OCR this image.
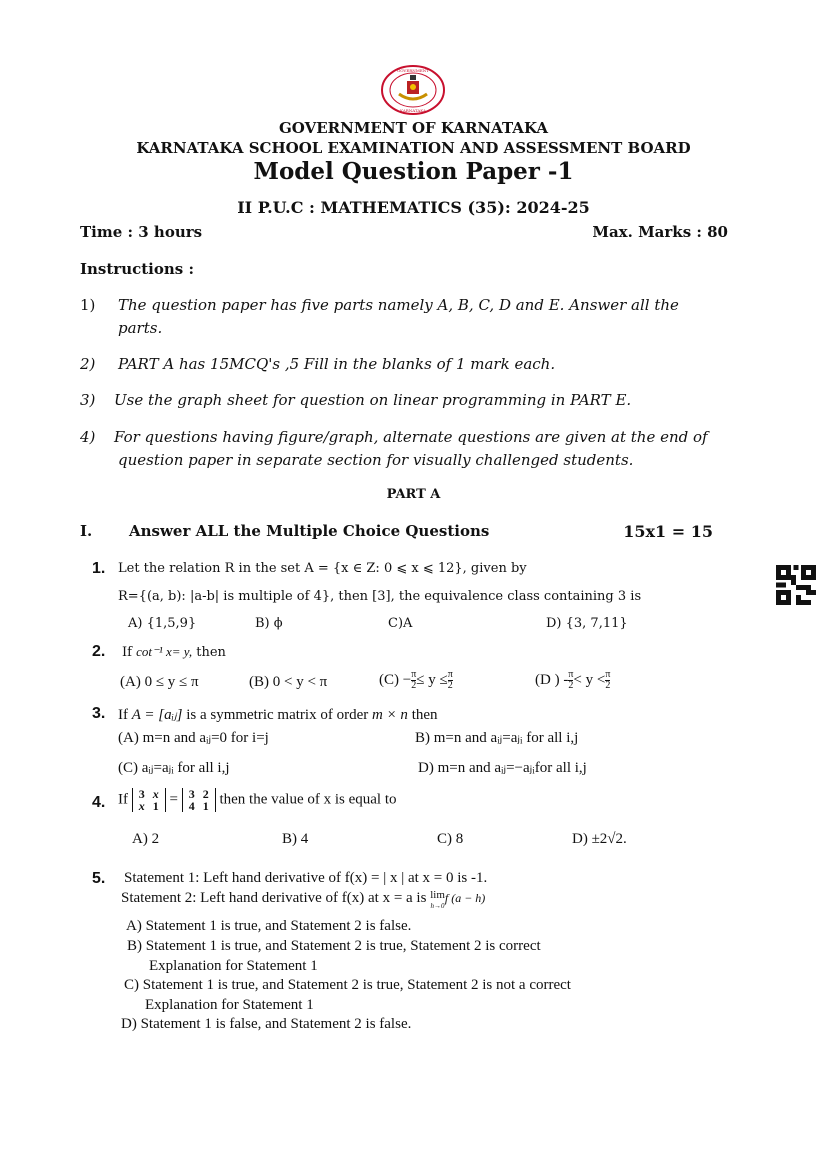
GOVERNMENT
KARNATAKA
GOVERNMENT OF KARNATAKA
KARNATAKA SCHOOL EXAMINATION AND ASSESSMENT BOARD
Model Question Paper -1
II P.U.C : MATHEMATICS (35): 2024-25
Time : 3 hours	Max. Marks : 80
Instructions :
1) The question paper has five parts namely A, B, C, D and E. Answer all the
parts.
2) PART A has 15MCQ's ,5 Fill in the blanks of 1 mark each.
3) Use the graph sheet for question on linear programming in PART E.
4) For questions having figure/graph, alternate questions are given at the end of
question paper in separate section for visually challenged students.
PART A
I. Answer ALL the Multiple Choice Questions	15x1 = 15
1. Let the relation R in the set A = {x ∈ Z: 0 ⩽ x ⩽ 12}, given by
R={(a, b): |a-b| is multiple of 4}, then [3], the equivalence class containing 3 is
A) {1,5,9}	B) ϕ	C)A	D) {3, 7,11}
2. If cot⁻¹ x= y, then
(A) 0 ≤ y ≤ π	(B) 0 < y < π	$(C) - \frac{\pi}{2} \le y \le \frac{\pi}{2}$	(D ) - $\frac{\pi}{2} < y < \frac{\pi}{2}$
3. If A = [aᵢⱼ] is a symmetric matrix of order m × n then
(A) m=n and aᵢⱼ=0 for i=j	B) m=n and aᵢⱼ=aⱼᵢ for all i,j
(C) aᵢⱼ=aⱼᵢ for all i,j	D) m=n and aᵢⱼ=−aⱼᵢfor all i,j
4. If 3 x
x 1 = 3 2
4 1 then the value of x is equal to
A) 2	B) 4	C) 8	D) ±2√2.
5. Statement 1: Left hand derivative of f(x) = | x | at x = 0 is -1.
Statement 2: Left hand derivative of f(x) at x = a is lim
h→0
f (a − h)
A) Statement 1 is true, and Statement 2 is false.
B) Statement 1 is true, and Statement 2 is true, Statement 2 is correct
Explanation for Statement 1
C) Statement 1 is true, and Statement 2 is true, Statement 2 is not a correct
Explanation for Statement 1
D) Statement 1 is false, and Statement 2 is false.
